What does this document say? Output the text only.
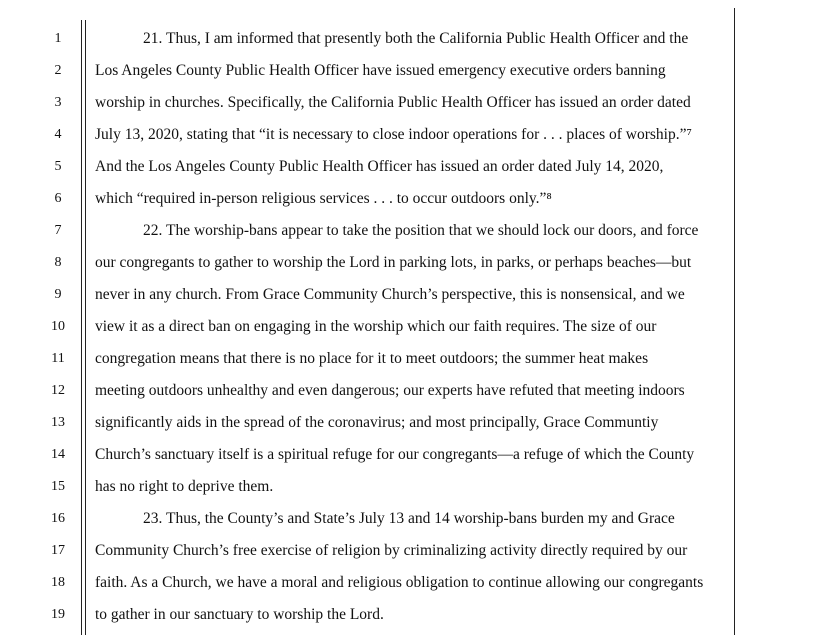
1
2
3
4
5
6
7
8
9
10
11
12
13
14
15
16
17
18
19
21. Thus, I am informed that presently both the California Public Health Officer and the
Los Angeles County Public Health Officer have issued emergency executive orders banning
worship in churches. Specifically, the California Public Health Officer has issued an order dated
July 13, 2020, stating that “it is necessary to close indoor operations for . . . places of worship.”⁷
And the Los Angeles County Public Health Officer has issued an order dated July 14, 2020,
which “required in-person religious services . . . to occur outdoors only.”⁸
22. The worship-bans appear to take the position that we should lock our doors, and force
our congregants to gather to worship the Lord in parking lots, in parks, or perhaps beaches—but
never in any church. From Grace Community Church’s perspective, this is nonsensical, and we
view it as a direct ban on engaging in the worship which our faith requires. The size of our
congregation means that there is no place for it to meet outdoors; the summer heat makes
meeting outdoors unhealthy and even dangerous; our experts have refuted that meeting indoors
significantly aids in the spread of the coronavirus; and most principally, Grace Communtiy
Church’s sanctuary itself is a spiritual refuge for our congregants—a refuge of which the County
has no right to deprive them.
23. Thus, the County’s and State’s July 13 and 14 worship-bans burden my and Grace
Community Church’s free exercise of religion by criminalizing activity directly required by our
faith. As a Church, we have a moral and religious obligation to continue allowing our congregants
to gather in our sanctuary to worship the Lord.
